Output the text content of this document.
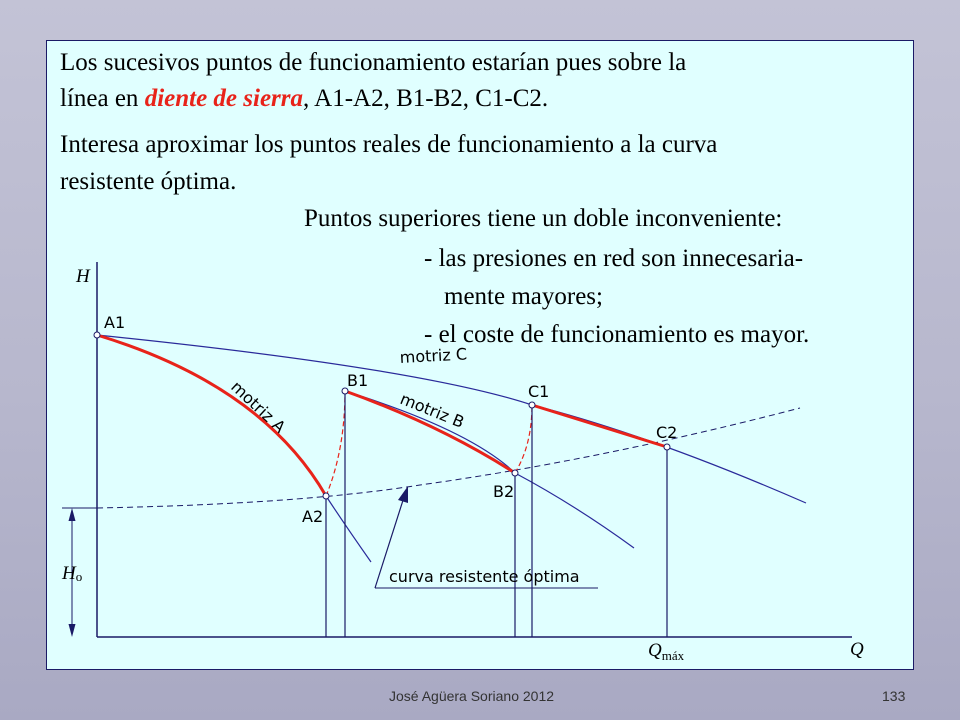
H
Q
Ho
$Q_{máx}$
A1
A2
B1
B2
C1
C2
motriz A	motriz B
motriz C
curva resistente óptima

Los sucesivos puntos de funcionamiento estarían pues sobre la

línea en diente de sierra, A1-A2, B1-B2, C1-C2.

Interesa aproximar los puntos reales de funcionamiento a la curva

resistente óptima.

Puntos superiores tiene un doble inconveniente:

- las presiones en red son innecesaria-

mente mayores;

- el coste de funcionamiento es mayor.

José Agüera Soriano 2012	133
